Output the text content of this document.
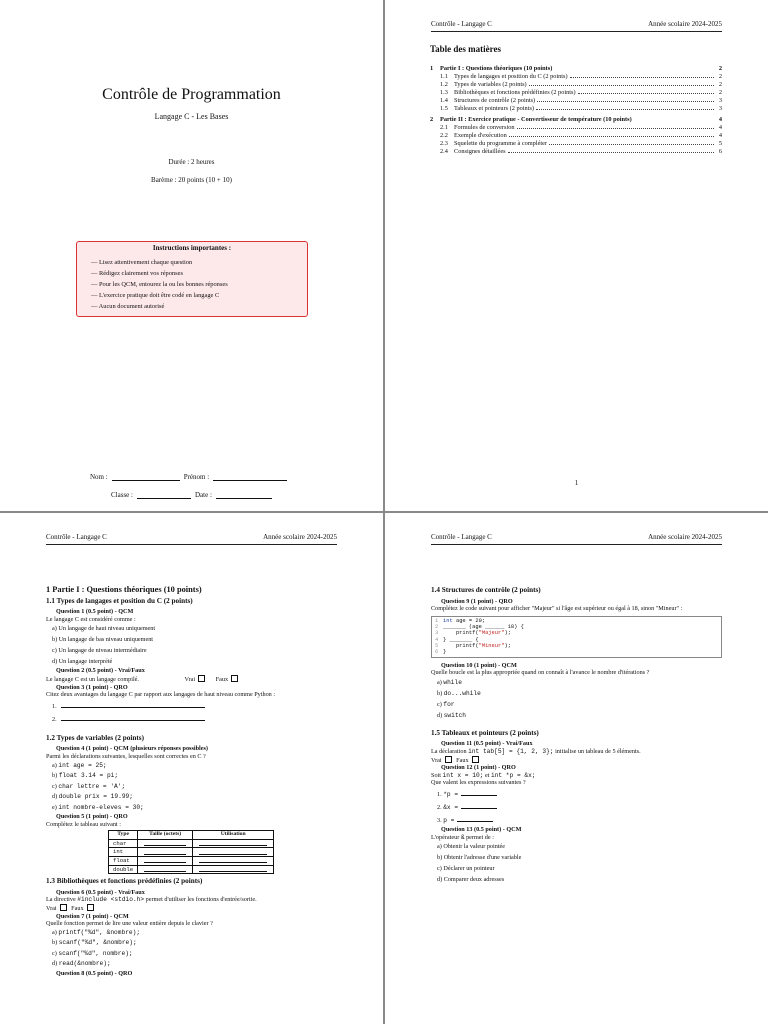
Contrôle de Programmation
Langage C - Les Bases
Durée : 2 heures
Barème : 20 points (10 + 10)
Instructions importantes :
— Lisez attentivement chaque question
— Rédigez clairement vos réponses
— Pour les QCM, entourez la ou les bonnes réponses
— L'exercice pratique doit être codé en langage C
— Aucun document autorisé
Nom :	Prénom :
Classe :	Date :
Contrôle - Langage C	Année scolaire 2024-2025
Table des matières
1	Partie I : Questions théoriques (10 points)	2
1.1 Types de langages et position du C (2 points)	2
1.2 Types de variables (2 points)	2
1.3 Bibliothèques et fonctions prédéfinies (2 points)	2
1.4 Structures de contrôle (2 points)	3
1.5 Tableaux et pointeurs (2 points)	3
2	Partie II : Exercice pratique - Convertisseur de température (10 points)	4
2.1 Formules de conversion	4
2.2 Exemple d'exécution	4
2.3 Squelette du programme à compléter	5
2.4 Consignes détaillées	6
1
Contrôle - Langage C	Année scolaire 2024-2025
1 Partie I : Questions théoriques (10 points)
1.1 Types de langages et position du C (2 points)
Question 1 (0.5 point) - QCM
Le langage C est considéré comme :
a) Un langage de haut niveau uniquement
b) Un langage de bas niveau uniquement
c) Un langage de niveau intermédiaire
d) Un langage interprété
Question 2 (0.5 point) - Vrai/Faux
Le langage C est un langage compilé.	Vrai	Faux
Question 3 (1 point) - QRO
Citez deux avantages du langage C par rapport aux langages de haut niveau comme Python :
1.
2.
1.2 Types de variables (2 points)
Question 4 (1 point) - QCM (plusieurs réponses possibles)
Parmi les déclarations suivantes, lesquelles sont correctes en C ?
a) int age = 25;
b) float 3.14 = pi;
c) char lettre = 'A';
d) double prix = 19.99;
e) int nombre-eleves = 30;
Question 5 (1 point) - QRO
Complétez le tableau suivant :
Type	Taille (octets)	Utilisation
char	

int	

float	

double	

1.3 Bibliothèques et fonctions prédéfinies (2 points)
Question 6 (0.5 point) - Vrai/Faux
La directive #include <stdio.h> permet d'utiliser les fonctions d'entrée/sortie.
Vrai Faux
Question 7 (1 point) - QCM
Quelle fonction permet de lire une valeur entière depuis le clavier ?
a) printf("%d", &nombre);
b) scanf("%d", &nombre);
c) scanf("%d", nombre);
d) read(&nombre);
Question 8 (0.5 point) - QRO
Contrôle - Langage C	Année scolaire 2024-2025
1.4 Structures de contrôle (2 points)
Question 9 (1 point) - QRO
Complétez le code suivant pour afficher "Majeur" si l'âge est supérieur ou égal à 18, sinon "Mineur" :
1 int age = 20;
2 _______ (age ______ 18) {
3    printf("Majeur");
4 } _______ {
5    printf("Mineur");
6 }
Question 10 (1 point) - QCM
Quelle boucle est la plus appropriée quand on connaît à l'avance le nombre d'itérations ?
a) while
b) do...while
c) for
d) switch
1.5 Tableaux et pointeurs (2 points)
Question 11 (0.5 point) - Vrai/Faux
La déclaration int tab[5] = {1, 2, 3}; initialise un tableau de 5 éléments.
Vrai Faux
Question 12 (1 point) - QRO
Soit int x = 10; et int *p = &x;
Que valent les expressions suivantes ?
1. *p =
2. &x =
3. p =
Question 13 (0.5 point) - QCM
L'opérateur & permet de :
a) Obtenir la valeur pointée
b) Obtenir l'adresse d'une variable
c) Déclarer un pointeur
d) Comparer deux adresses
